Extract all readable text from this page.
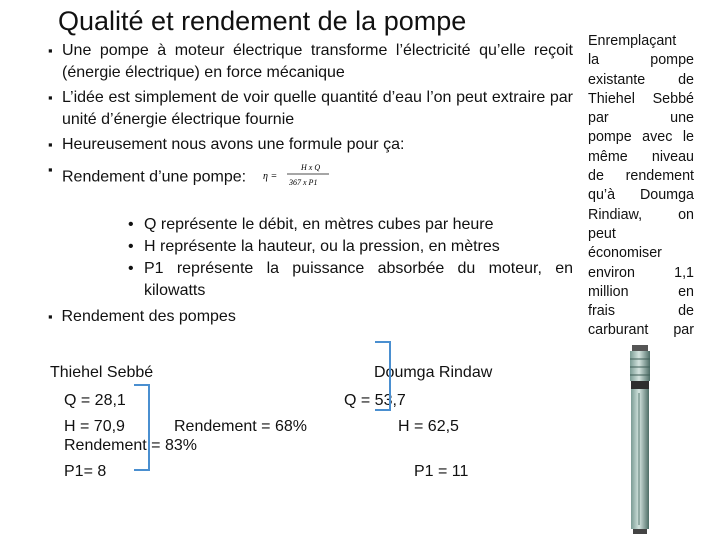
Qualité et rendement de la pompe
▪ Une pompe à moteur électrique transforme l’électricité qu’elle reçoit (énergie électrique) en force mécanique
▪ L’idée est simplement de voir quelle quantité d’eau l’on peut extraire par unité d’énergie électrique fournie
▪ Heureusement nous avons une formule pour ça:
▪ Rendement d’une pompe: η =
H x Q
367 x P1
• Q représente le débit, en mètres cubes par heure
• H représente la hauteur, ou la pression, en mètres
• P1 représente la puissance absorbée du moteur, en kilowatts
▪ Rendement des pompes
Thiehel Sebbé
Q = 28,1
H = 70,9
Rendement = 83%
P1= 8
Doumga Rindaw
Q = 53,7
H = 62,5
Rendement = 68%
P1 = 11
Enremplaçant
la pompe
existante de
Thiehel Sebbé
par une
pompe avec le
même niveau
de rendement
qu’à Doumga
Rindiaw, on
peut
économiser
environ 1,1
million en
frais de
carburant par
